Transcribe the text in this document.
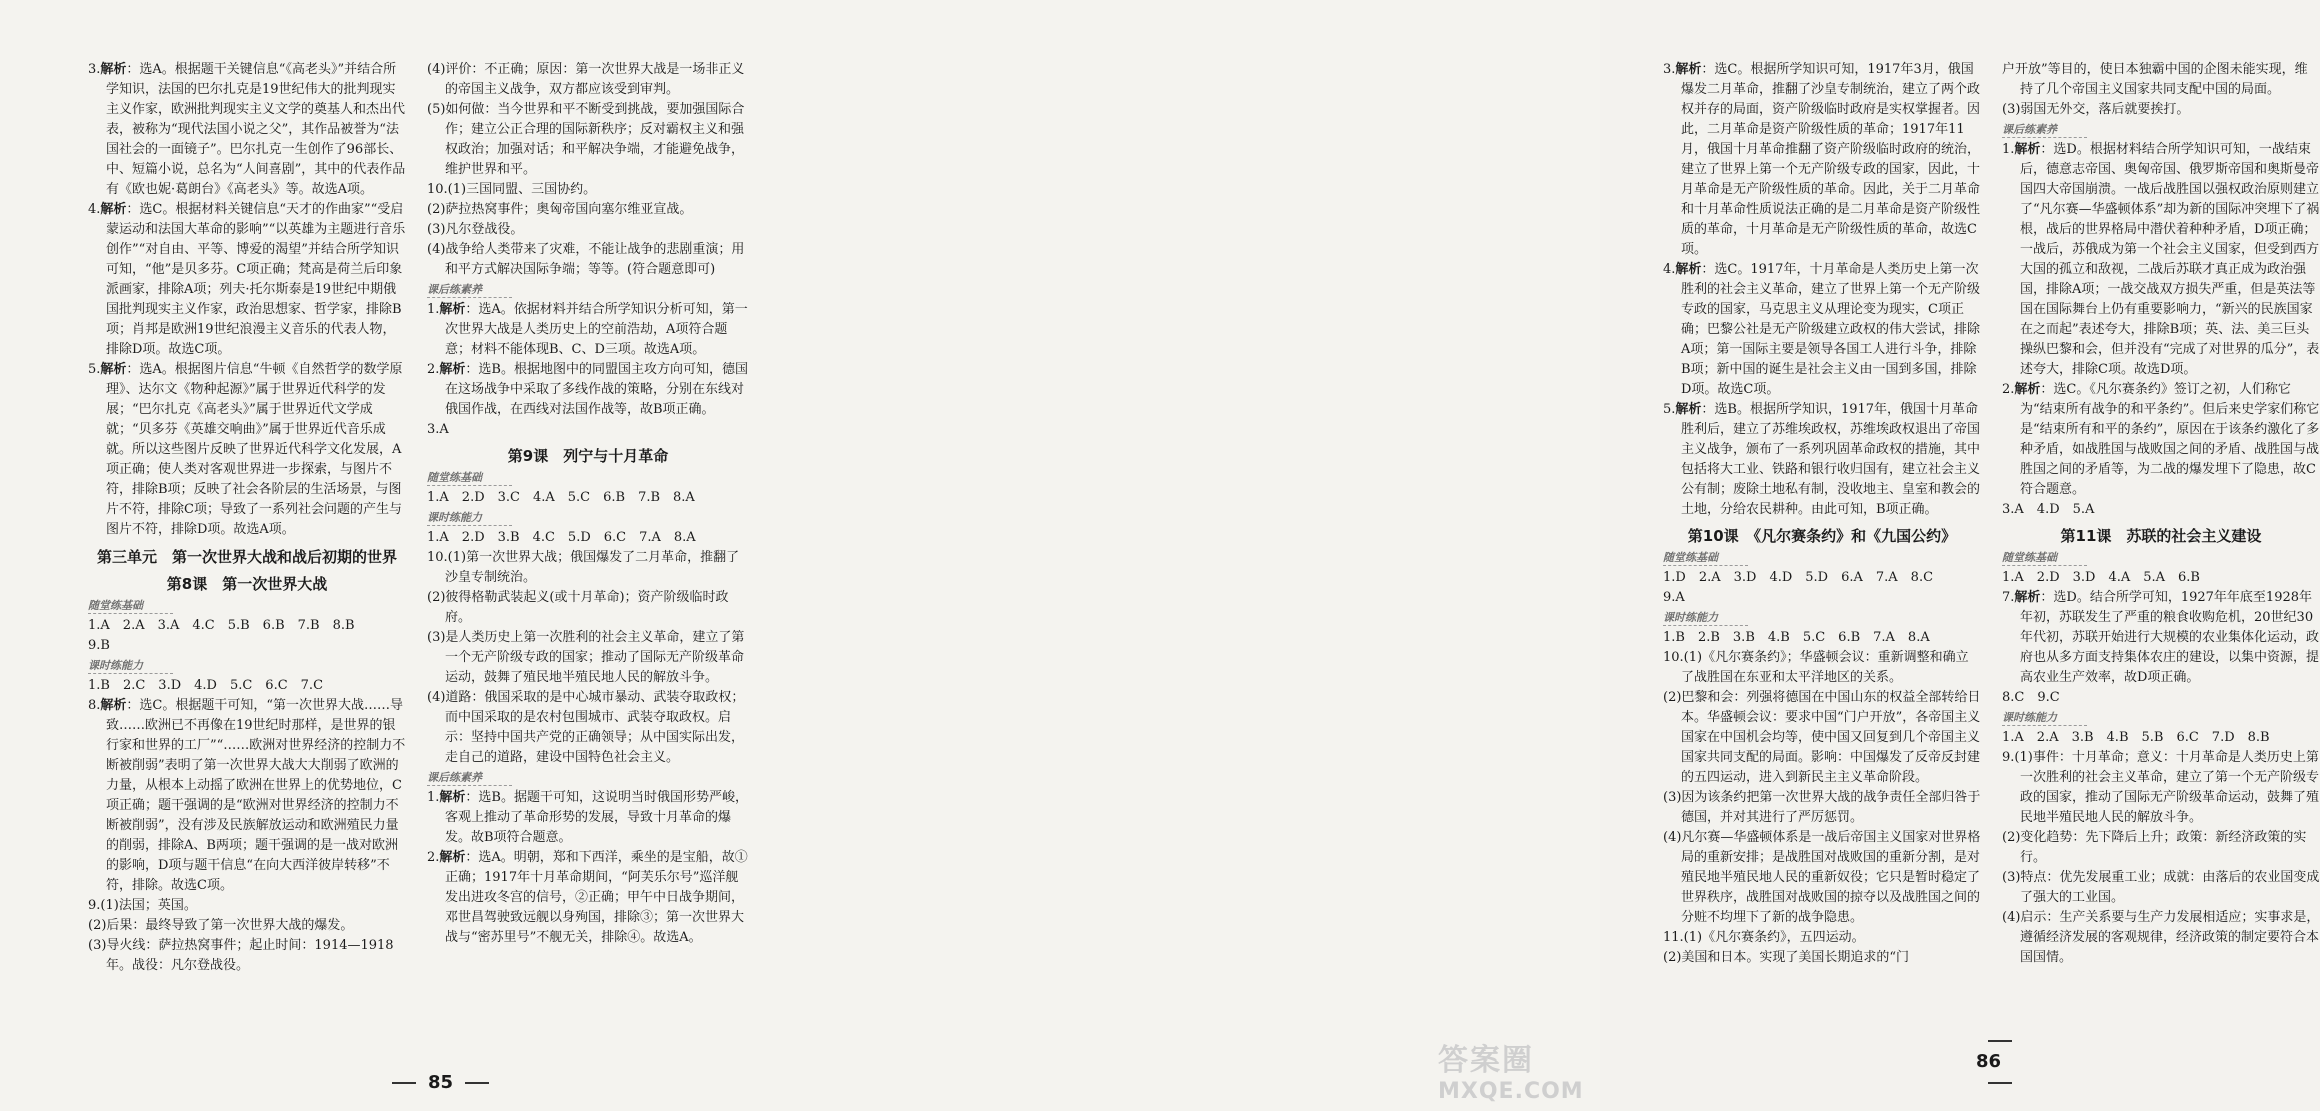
3.解析：选A。根据题干关键信息“《高老头》”并结合所学知识，法国的巴尔扎克是19世纪伟大的批判现实主义作家，欧洲批判现实主义文学的奠基人和杰出代表，被称为“现代法国小说之父”，其作品被誉为“法国社会的一面镜子”。巴尔扎克一生创作了96部长、中、短篇小说，总名为“人间喜剧”，其中的代表作品有《欧也妮·葛朗台》《高老头》等。故选A项。

4.解析：选C。根据材料关键信息“天才的作曲家”“受启蒙运动和法国大革命的影响”“以英雄为主题进行音乐创作”“对自由、平等、博爱的渴望”并结合所学知识可知，“他”是贝多芬。C项正确；梵高是荷兰后印象派画家，排除A项；列夫·托尔斯泰是19世纪中期俄国批判现实主义作家，政治思想家、哲学家，排除B项；肖邦是欧洲19世纪浪漫主义音乐的代表人物，排除D项。故选C项。

5.解析：选A。根据图片信息“牛顿《自然哲学的数学原理》、达尔文《物种起源》”属于世界近代科学的发展；“巴尔扎克《高老头》”属于世界近代文学成就；“贝多芬《英雄交响曲》”属于世界近代音乐成就。所以这些图片反映了世界近代科学文化发展，A项正确；使人类对客观世界进一步探索，与图片不符，排除B项；反映了社会各阶层的生活场景，与图片不符，排除C项；导致了一系列社会问题的产生与图片不符，排除D项。故选A项。

第三单元　第一次世界大战和战后初期的世界
第8课　第一次世界大战
随堂练基础

1.A　2.A　3.A　4.C　5.B　6.B　7.B　8.B
9.B

课时练能力

1.B　2.C　3.D　4.D　5.C　6.C　7.C

8.解析：选C。根据题干可知，“第一次世界大战……导致……欧洲已不再像在19世纪时那样，是世界的银行家和世界的工厂”“……欧洲对世界经济的控制力不断被削弱”表明了第一次世界大战大大削弱了欧洲的力量，从根本上动摇了欧洲在世界上的优势地位，C项正确；题干强调的是“欧洲对世界经济的控制力不断被削弱”，没有涉及民族解放运动和欧洲殖民力量的削弱，排除A、B两项；题干强调的是一战对欧洲的影响，D项与题干信息“在向大西洋彼岸转移”不符，排除。故选C项。

9.(1)法国；英国。

(2)后果：最终导致了第一次世界大战的爆发。

(3)导火线：萨拉热窝事件；起止时间：1914—1918年。战役：凡尔登战役。

(4)评价：不正确；原因：第一次世界大战是一场非正义的帝国主义战争，双方都应该受到审判。

(5)如何做：当今世界和平不断受到挑战，要加强国际合作；建立公正合理的国际新秩序；反对霸权主义和强权政治；加强对话；和平解决争端，才能避免战争，维护世界和平。

10.(1)三国同盟、三国协约。

(2)萨拉热窝事件；奥匈帝国向塞尔维亚宣战。

(3)凡尔登战役。

(4)战争给人类带来了灾难，不能让战争的悲剧重演；用和平方式解决国际争端；等等。(符合题意即可)

课后练素养

1.解析：选A。依据材料并结合所学知识分析可知，第一次世界大战是人类历史上的空前浩劫，A项符合题意；材料不能体现B、C、D三项。故选A项。

2.解析：选B。根据地图中的同盟国主攻方向可知，德国在这场战争中采取了多线作战的策略，分别在东线对俄国作战，在西线对法国作战等，故B项正确。

3.A

第9课　列宁与十月革命
随堂练基础

1.A　2.D　3.C　4.A　5.C　6.B　7.B　8.A

课时练能力

1.A　2.D　3.B　4.C　5.D　6.C　7.A　8.A

10.(1)第一次世界大战；俄国爆发了二月革命，推翻了沙皇专制统治。

(2)彼得格勒武装起义(或十月革命)；资产阶级临时政府。

(3)是人类历史上第一次胜利的社会主义革命，建立了第一个无产阶级专政的国家；推动了国际无产阶级革命运动，鼓舞了殖民地半殖民地人民的解放斗争。

(4)道路：俄国采取的是中心城市暴动、武装夺取政权；而中国采取的是农村包围城市、武装夺取政权。启示：坚持中国共产党的正确领导；从中国实际出发，走自己的道路，建设中国特色社会主义。

课后练素养

1.解析：选B。据题干可知，这说明当时俄国形势严峻，客观上推动了革命形势的发展，导致十月革命的爆发。故B项符合题意。

2.解析：选A。明朝，郑和下西洋，乘坐的是宝船，故①正确；1917年十月革命期间，“阿芙乐尔号”巡洋舰发出进攻冬宫的信号，②正确；甲午中日战争期间，邓世昌驾驶致远舰以身殉国，排除③；第一次世界大战与“密苏里号”不舰无关，排除④。故选A。

85

3.解析：选C。根据所学知识可知，1917年3月，俄国爆发二月革命，推翻了沙皇专制统治，建立了两个政权并存的局面，资产阶级临时政府是实权掌握者。因此，二月革命是资产阶级性质的革命；1917年11月，俄国十月革命推翻了资产阶级临时政府的统治，建立了世界上第一个无产阶级专政的国家，因此，十月革命是无产阶级性质的革命。因此，关于二月革命和十月革命性质说法正确的是二月革命是资产阶级性质的革命，十月革命是无产阶级性质的革命，故选C项。

4.解析：选C。1917年，十月革命是人类历史上第一次胜利的社会主义革命，建立了世界上第一个无产阶级专政的国家，马克思主义从理论变为现实，C项正确；巴黎公社是无产阶级建立政权的伟大尝试，排除A项；第一国际主要是领导各国工人进行斗争，排除B项；新中国的诞生是社会主义由一国到多国，排除D项。故选C项。

5.解析：选B。根据所学知识，1917年，俄国十月革命胜利后，建立了苏维埃政权，苏维埃政权退出了帝国主义战争，颁布了一系列巩固革命政权的措施，其中包括将大工业、铁路和银行收归国有，建立社会主义公有制；废除土地私有制，没收地主、皇室和教会的土地，分给农民耕种。由此可知，B项正确。

第10课　《凡尔赛条约》和《九国公约》
随堂练基础

1.D　2.A　3.D　4.D　5.D　6.A　7.A　8.C
9.A

课时练能力

1.B　2.B　3.B　4.B　5.C　6.B　7.A　8.A

10.(1)《凡尔赛条约》；华盛顿会议：重新调整和确立了战胜国在东亚和太平洋地区的关系。

(2)巴黎和会：列强将德国在中国山东的权益全部转给日本。华盛顿会议：要求中国“门户开放”，各帝国主义国家在中国机会均等，使中国又回复到几个帝国主义国家共同支配的局面。影响：中国爆发了反帝反封建的五四运动，进入到新民主主义革命阶段。

(3)因为该条约把第一次世界大战的战争责任全部归咎于德国，并对其进行了严厉惩罚。

(4)凡尔赛—华盛顿体系是一战后帝国主义国家对世界格局的重新安排；是战胜国对战败国的重新分割，是对殖民地半殖民地人民的重新奴役；它只是暂时稳定了世界秩序，战胜国对战败国的掠夺以及战胜国之间的分赃不均埋下了新的战争隐患。

11.(1)《凡尔赛条约》，五四运动。

(2)美国和日本。实现了美国长期追求的“门

户开放”等目的，使日本独霸中国的企图未能实现，维持了几个帝国主义国家共同支配中国的局面。

(3)弱国无外交，落后就要挨打。

课后练素养

1.解析：选D。根据材料结合所学知识可知，一战结束后，德意志帝国、奥匈帝国、俄罗斯帝国和奥斯曼帝国四大帝国崩溃。一战后战胜国以强权政治原则建立了“凡尔赛—华盛顿体系”却为新的国际冲突埋下了祸根，战后的世界格局中潜伏着种种矛盾，D项正确；一战后，苏俄成为第一个社会主义国家，但受到西方大国的孤立和敌视，二战后苏联才真正成为政治强国，排除A项；一战交战双方损失严重，但是英法等国在国际舞台上仍有重要影响力，“新兴的民族国家在之而起”表述夸大，排除B项；英、法、美三巨头操纵巴黎和会，但并没有“完成了对世界的瓜分”，表述夸大，排除C项。故选D项。

2.解析：选C。《凡尔赛条约》签订之初，人们称它为“结束所有战争的和平条约”。但后来史学家们称它是“结束所有和平的条约”，原因在于该条约激化了多种矛盾，如战胜国与战败国之间的矛盾、战胜国与战胜国之间的矛盾等，为二战的爆发埋下了隐患，故C符合题意。

3.A　4.D　5.A

第11课　苏联的社会主义建设
随堂练基础

1.A　2.D　3.D　4.A　5.A　6.B

7.解析：选D。结合所学可知，1927年年底至1928年年初，苏联发生了严重的粮食收购危机，20世纪30年代初，苏联开始进行大规模的农业集体化运动，政府也从多方面支持集体农庄的建设，以集中资源，提高农业生产效率，故D项正确。

8.C　9.C

课时练能力

1.A　2.A　3.B　4.B　5.B　6.C　7.D　8.B

9.(1)事件：十月革命；意义：十月革命是人类历史上第一次胜利的社会主义革命，建立了第一个无产阶级专政的国家，推动了国际无产阶级革命运动，鼓舞了殖民地半殖民地人民的解放斗争。

(2)变化趋势：先下降后上升；政策：新经济政策的实行。

(3)特点：优先发展重工业；成就：由落后的农业国变成了强大的工业国。

(4)启示：生产关系要与生产力发展相适应；实事求是，遵循经济发展的客观规律，经济政策的制定要符合本国国情。

86
答案圈
MXQE.COM
